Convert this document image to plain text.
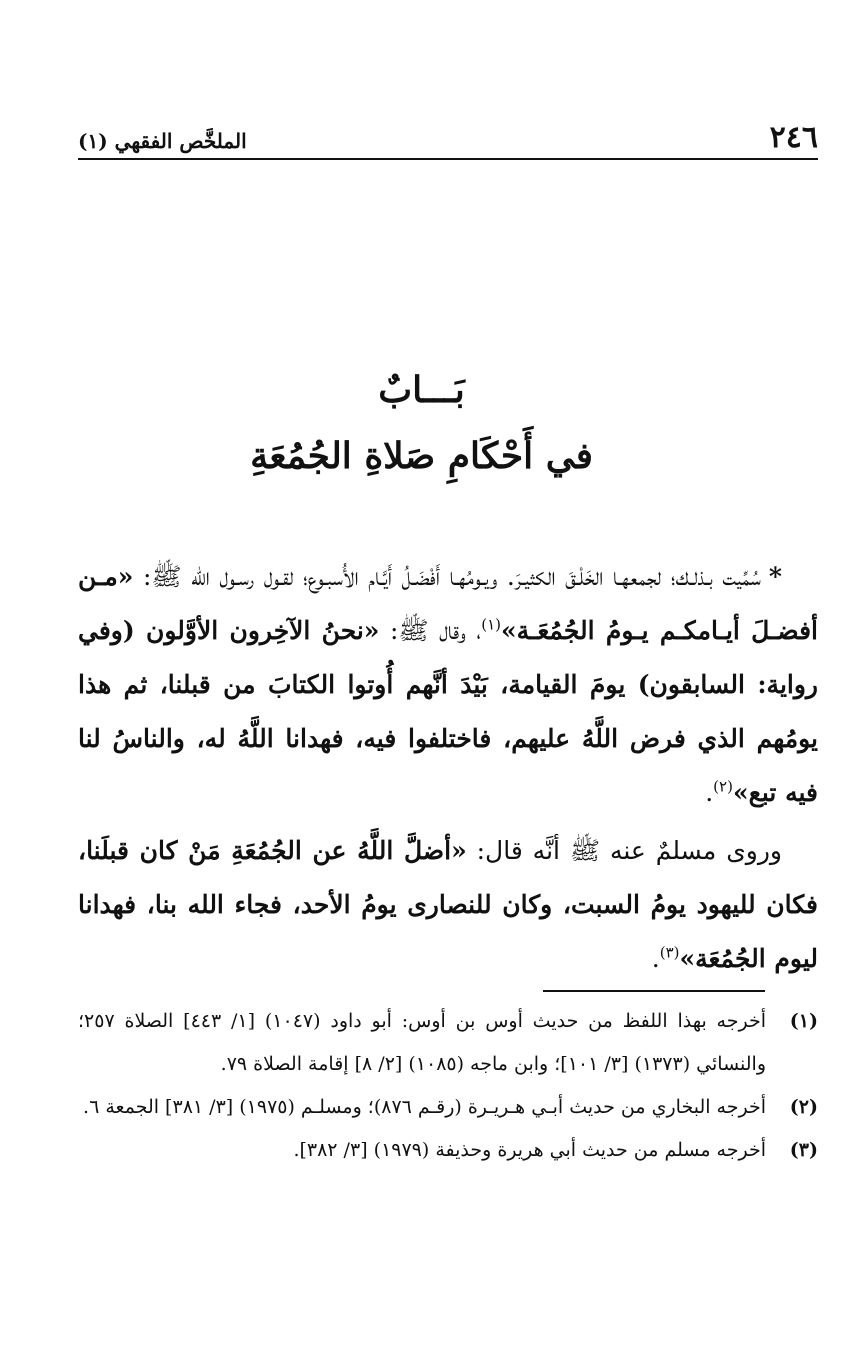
٢٤٦
الملخَّص الفقهي (١)
بَـــابٌ
في أَحْكَامِ صَلاةِ الجُمُعَةِ

*سُمِّيت بـذلـك؛ لجمعهـا الخَلْـقَ الكثيـرَ. ويـومُهـا أَفْضَـلُ أَيَّـام الأُسبـوع؛ لقـول رسـول الله ﷺ: «مـن أفضـلَ أيـامكـم يـومُ الجُمُعَـة»$^{(١)}$، وقال ﷺ: «نحنُ الآخِرون الأوَّلون (وفي رواية: السابقون) يومَ القيامة، بَيْدَ أنَّهم أُوتوا الكتابَ من قبلنا، ثم هذا يومُهم الذي فرض اللَّهُ عليهم، فاختلفوا فيه، فهدانا اللَّهُ له، والناسُ لنا فيه تبع»$^{(٢)}$.

وروى مسلمٌ عنه ﷺ أنَّه قال: «أضلَّ اللَّهُ عن الجُمُعَةِ مَنْ كان قبلَنا، فكان لليهود يومُ السبت، وكان للنصارى يومُ الأحد، فجاء الله بنا، فهدانا ليوم الجُمُعَة»$^{(٣)}$.

(١)
أخرجه بهذا اللفظ من حديث أوس بن أوس: أبو داود (١٠٤٧) [١/ ٤٤٣] الصلاة ٢٥٧؛ والنسائي (١٣٧٣) [٣/ ١٠١]؛ وابن ماجه (١٠٨٥) [٢/ ٨] إقامة الصلاة ٧٩.
(٢)
أخرجه البخاري من حديث أبـي هـريـرة (رقـم ٨٧٦)؛ ومسلـم (١٩٧٥) [٣/ ٣٨١] الجمعة ٦.
(٣)
أخرجه مسلم من حديث أبي هريرة وحذيفة (١٩٧٩) [٣/ ٣٨٢].
